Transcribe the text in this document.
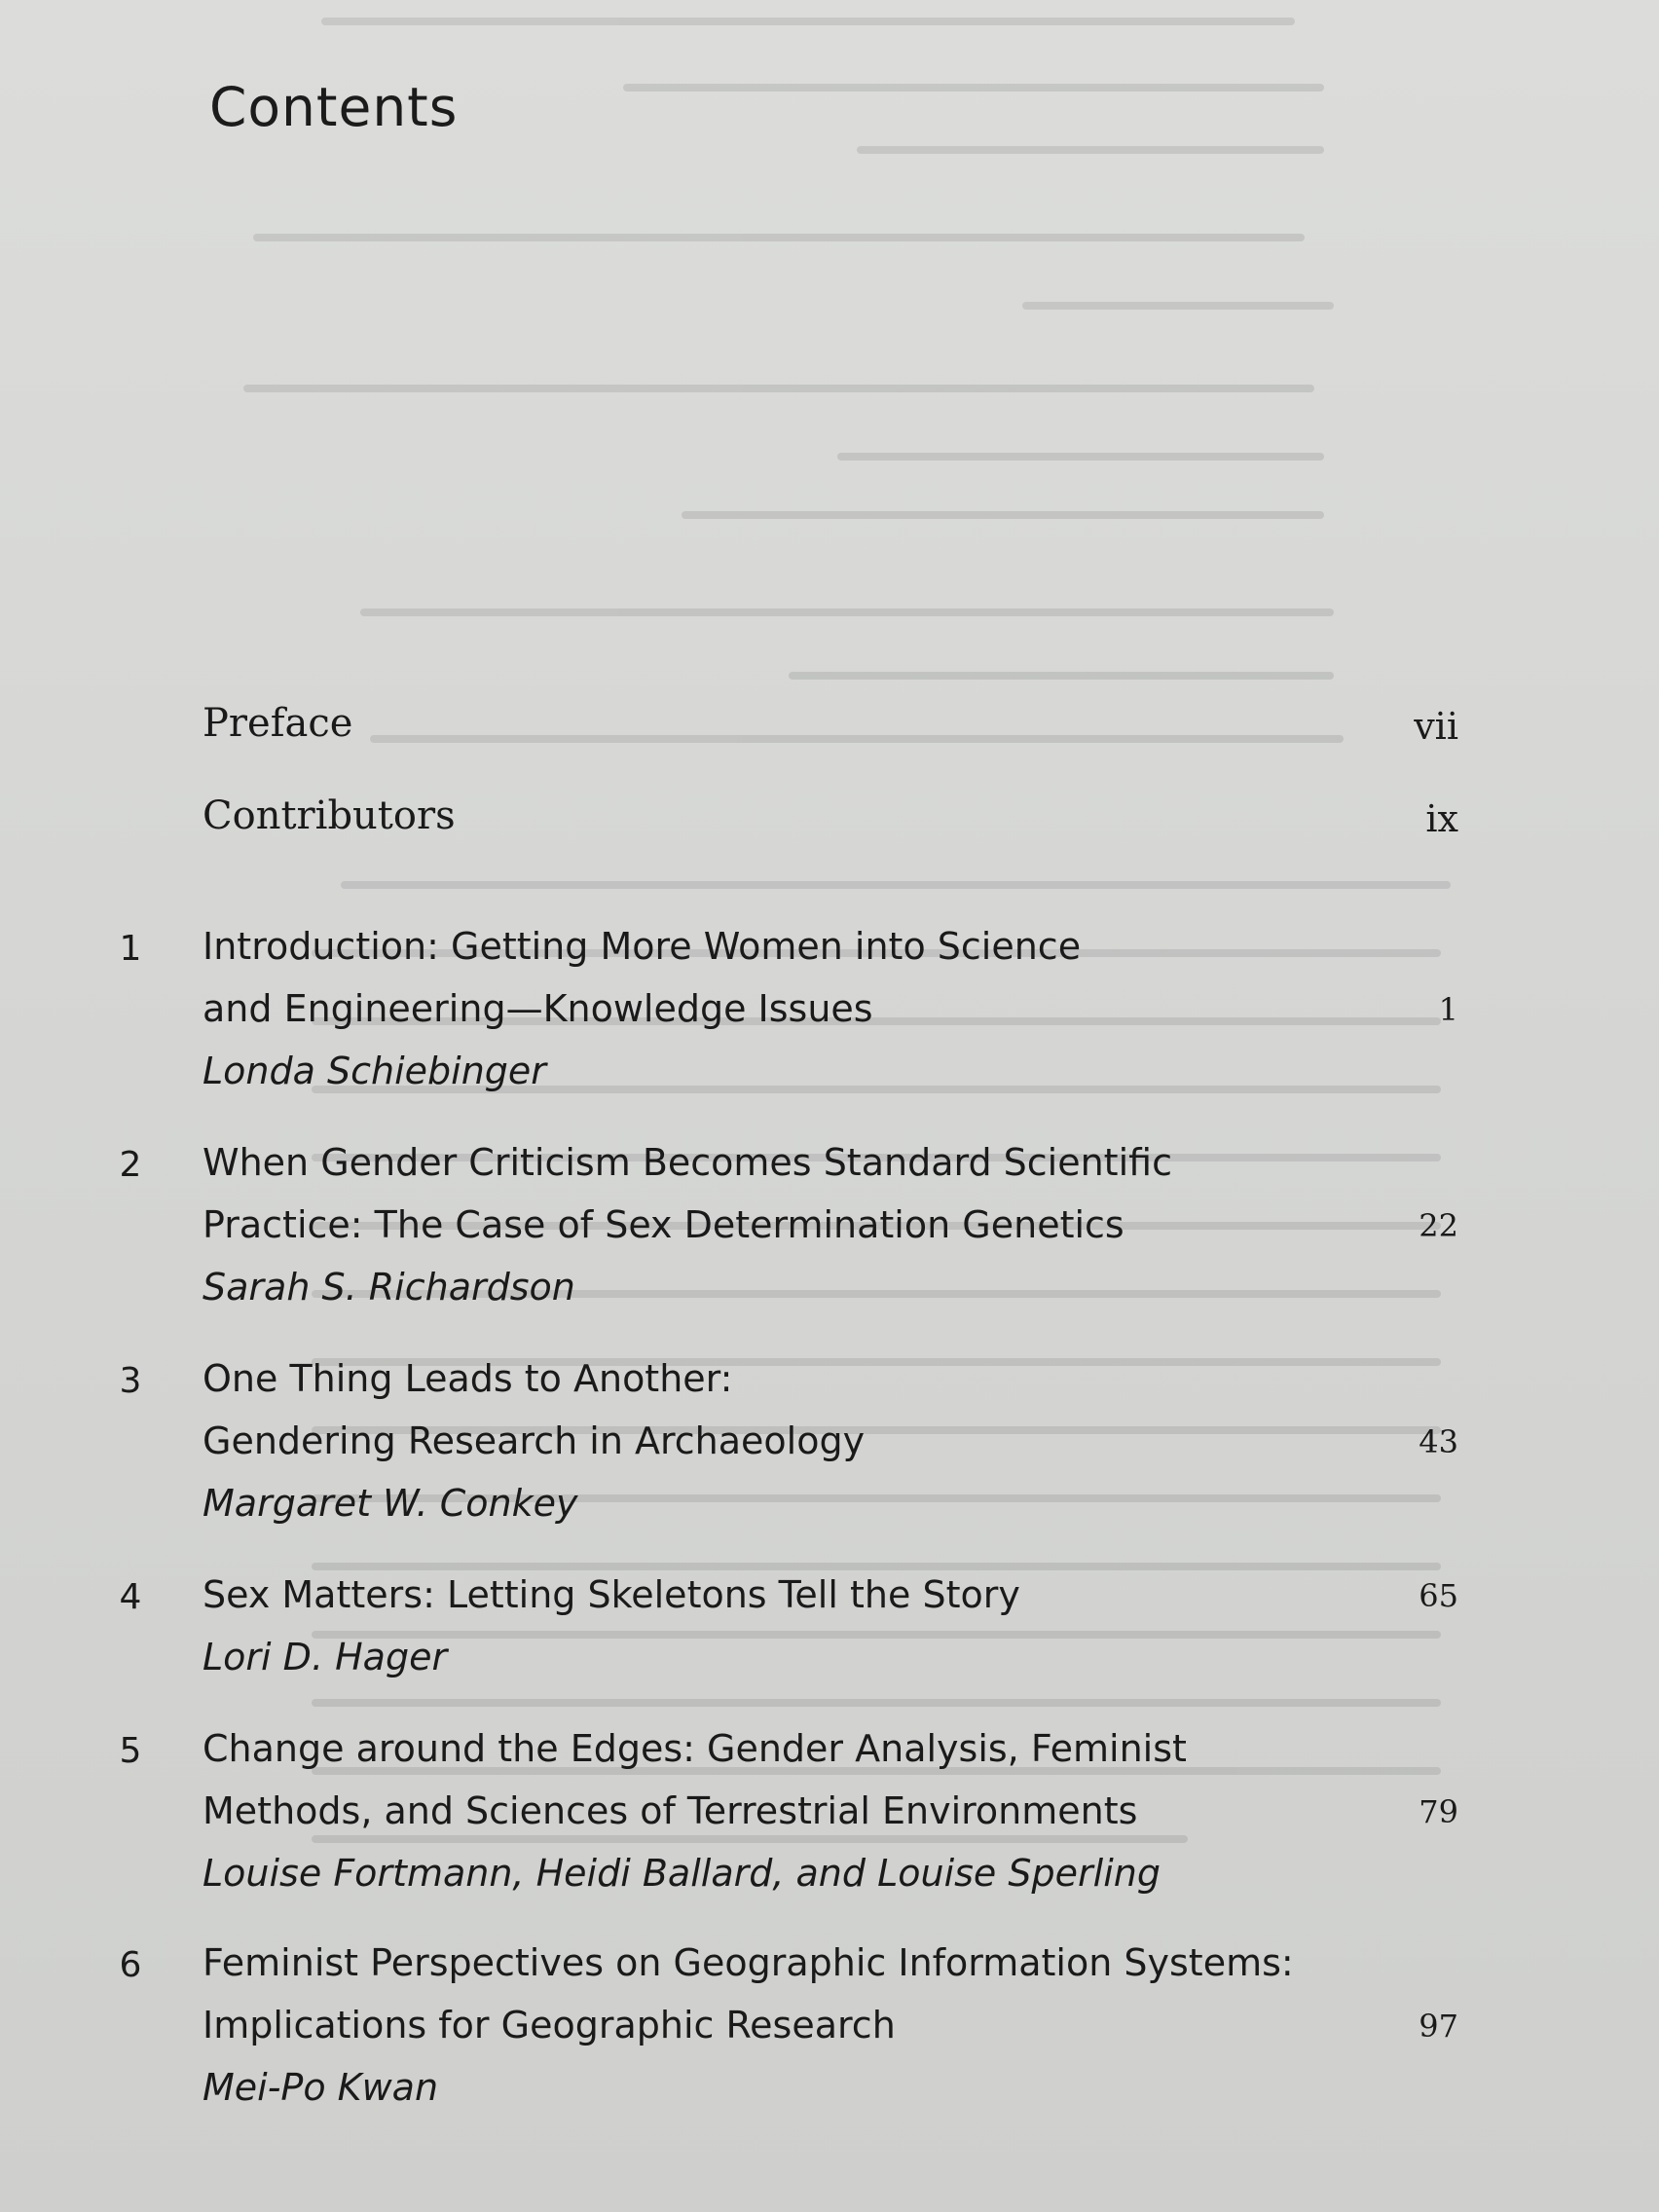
Contents
Preface	vii
Contributors	ix
1 Introduction: Getting More Women into Science
and Engineering—Knowledge Issues
Londa Schiebinger
1
2 When Gender Criticism Becomes Standard Scientific
Practice: The Case of Sex Determination Genetics
Sarah S. Richardson
22
3 One Thing Leads to Another:
Gendering Research in Archaeology
Margaret W. Conkey
43
4 Sex Matters: Letting Skeletons Tell the Story
Lori D. Hager
65
5 Change around the Edges: Gender Analysis, Feminist
Methods, and Sciences of Terrestrial Environments
Louise Fortmann, Heidi Ballard, and Louise Sperling
79
6 Feminist Perspectives on Geographic Information Systems:
Implications for Geographic Research
Mei-Po Kwan
97
